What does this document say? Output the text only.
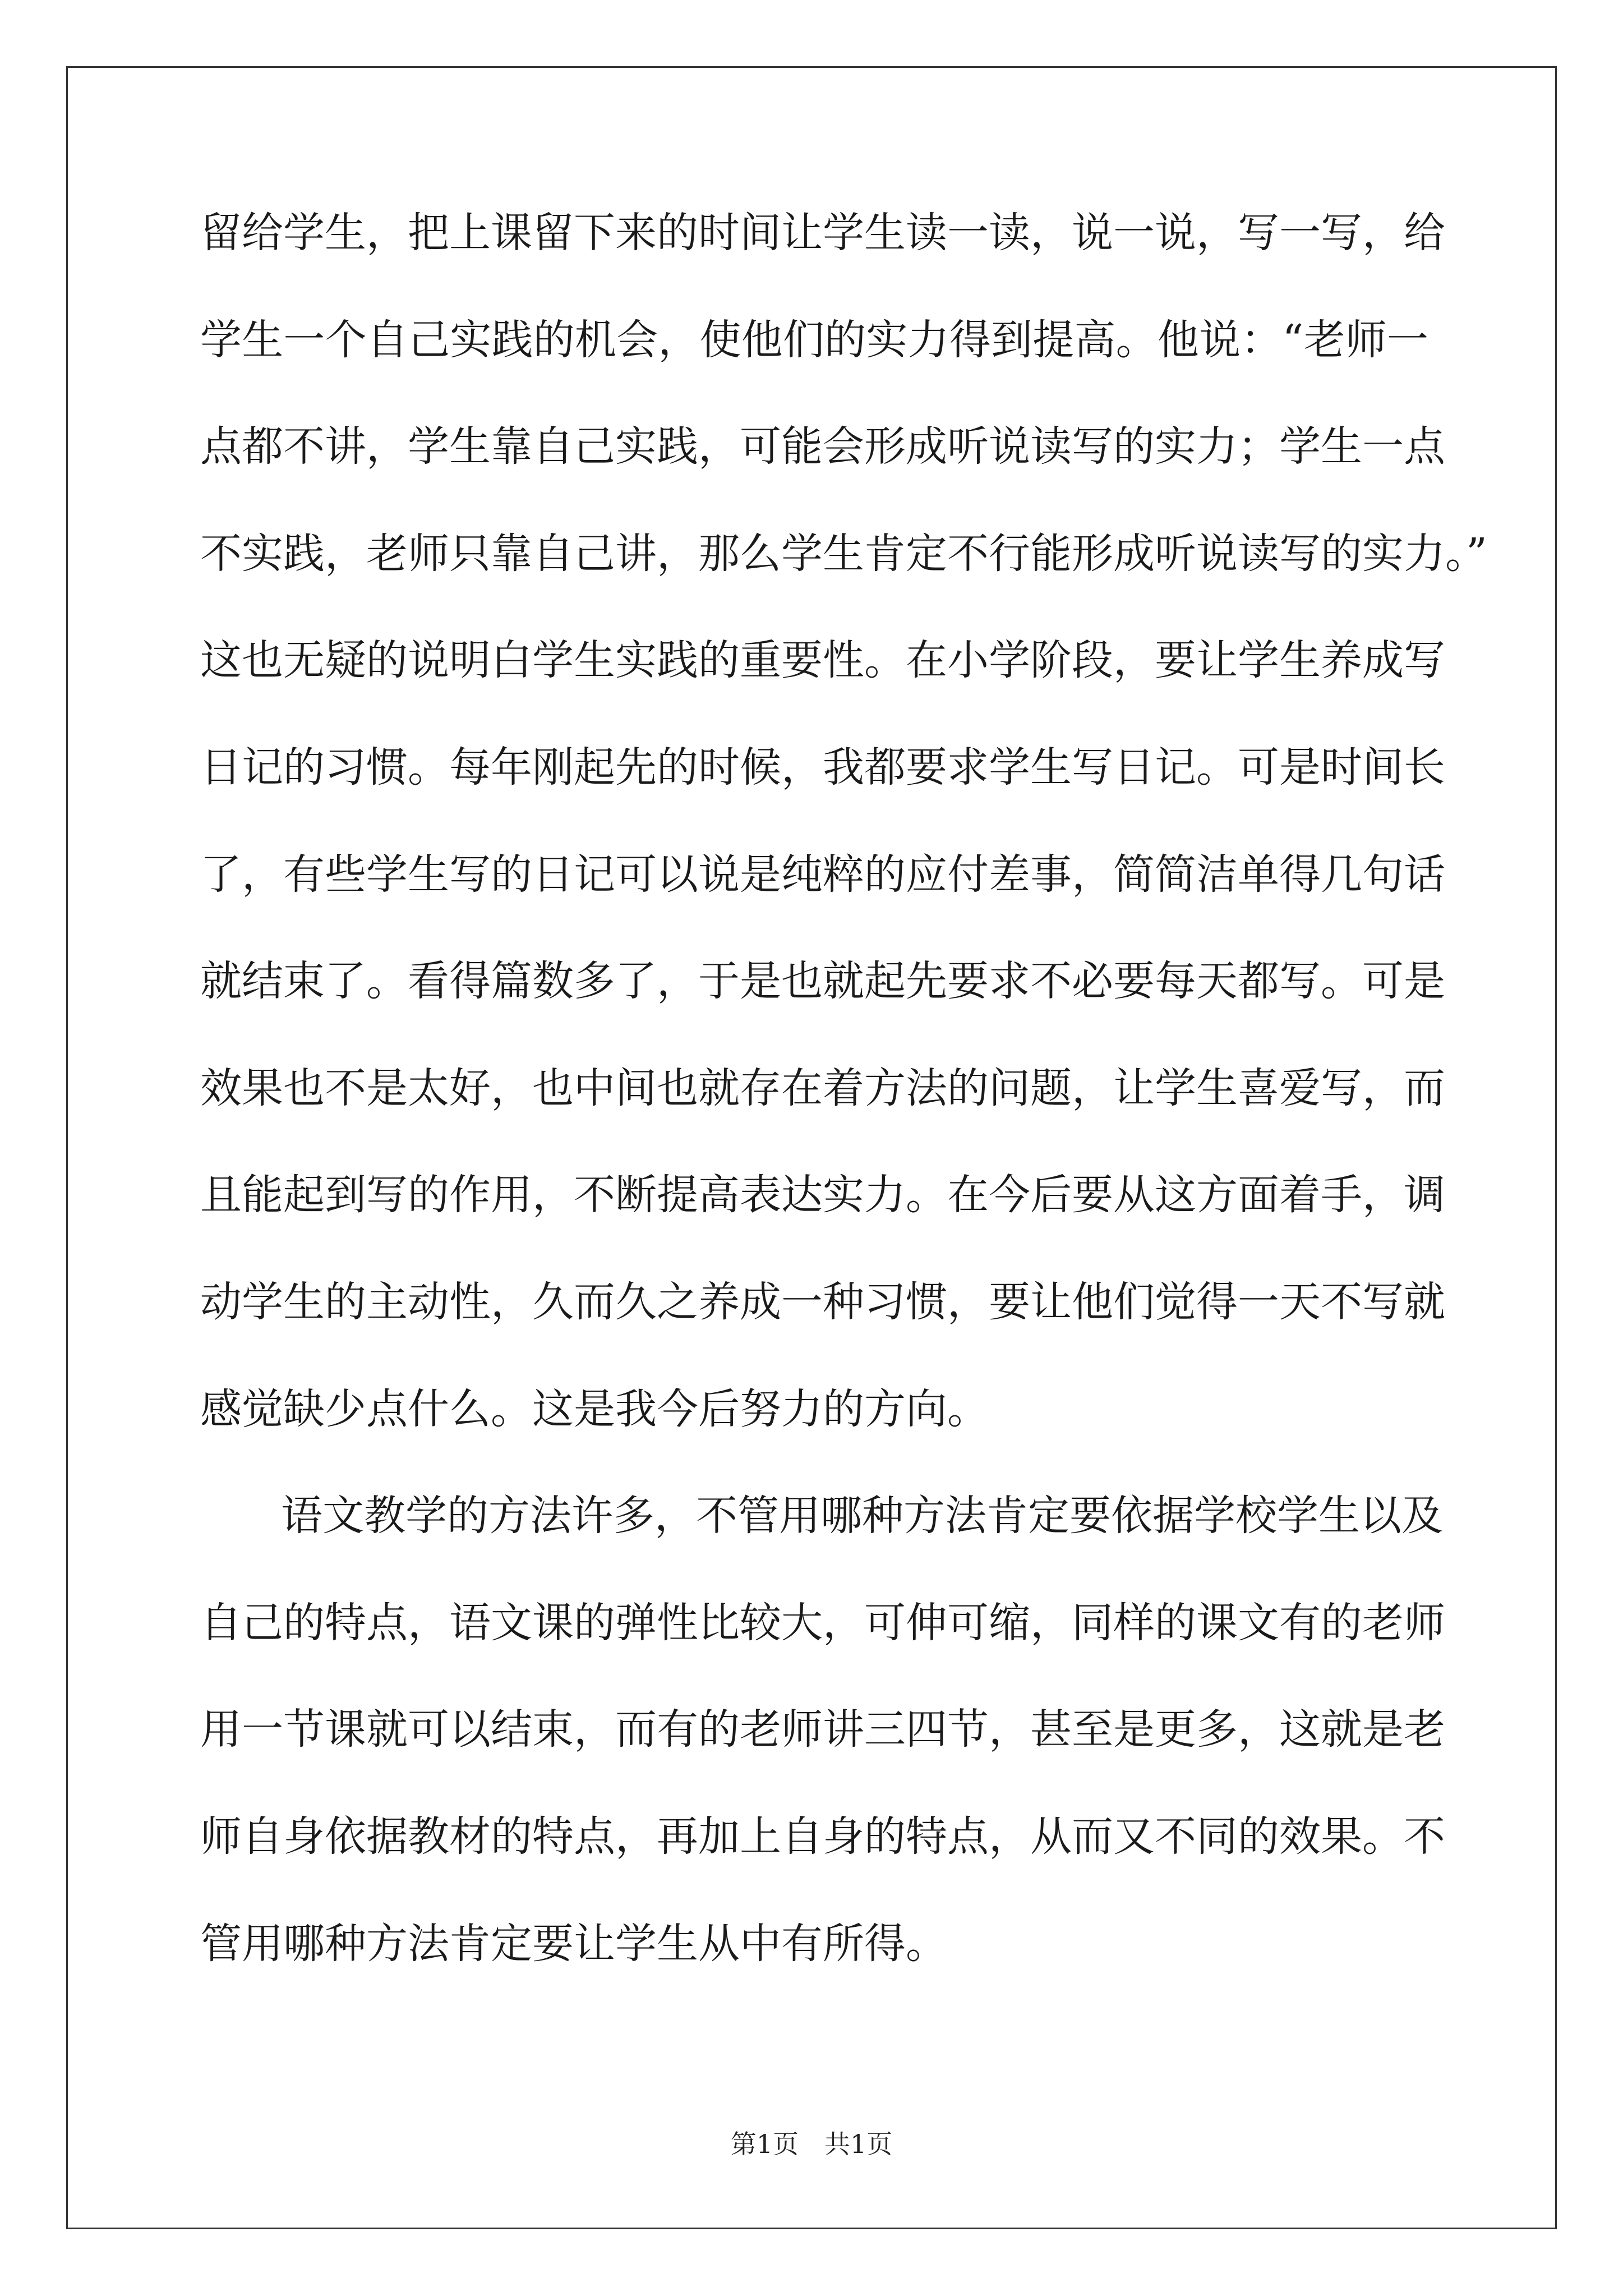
留给学生，把上课留下来的时间让学生读一读，说一说，写一写，给
学生一个自己实践的机会，使他们的实力得到提高。他说：“老师一
点都不讲，学生靠自己实践，可能会形成听说读写的实力；学生一点
不实践，老师只靠自己讲，那么学生肯定不行能形成听说读写的实力。”
这也无疑的说明白学生实践的重要性。在小学阶段，要让学生养成写
日记的习惯。每年刚起先的时候，我都要求学生写日记。可是时间长
了，有些学生写的日记可以说是纯粹的应付差事，简简洁单得几句话
就结束了。看得篇数多了，于是也就起先要求不必要每天都写。可是
效果也不是太好，也中间也就存在着方法的问题，让学生喜爱写，而
且能起到写的作用，不断提高表达实力。在今后要从这方面着手，调
动学生的主动性，久而久之养成一种习惯，要让他们觉得一天不写就
感觉缺少点什么。这是我今后努力的方向。
语文教学的方法许多，不管用哪种方法肯定要依据学校学生以及
自己的特点，语文课的弹性比较大，可伸可缩，同样的课文有的老师
用一节课就可以结束，而有的老师讲三四节，甚至是更多，这就是老
师自身依据教材的特点，再加上自身的特点，从而又不同的效果。不
管用哪种方法肯定要让学生从中有所得。
第1页 共1页
